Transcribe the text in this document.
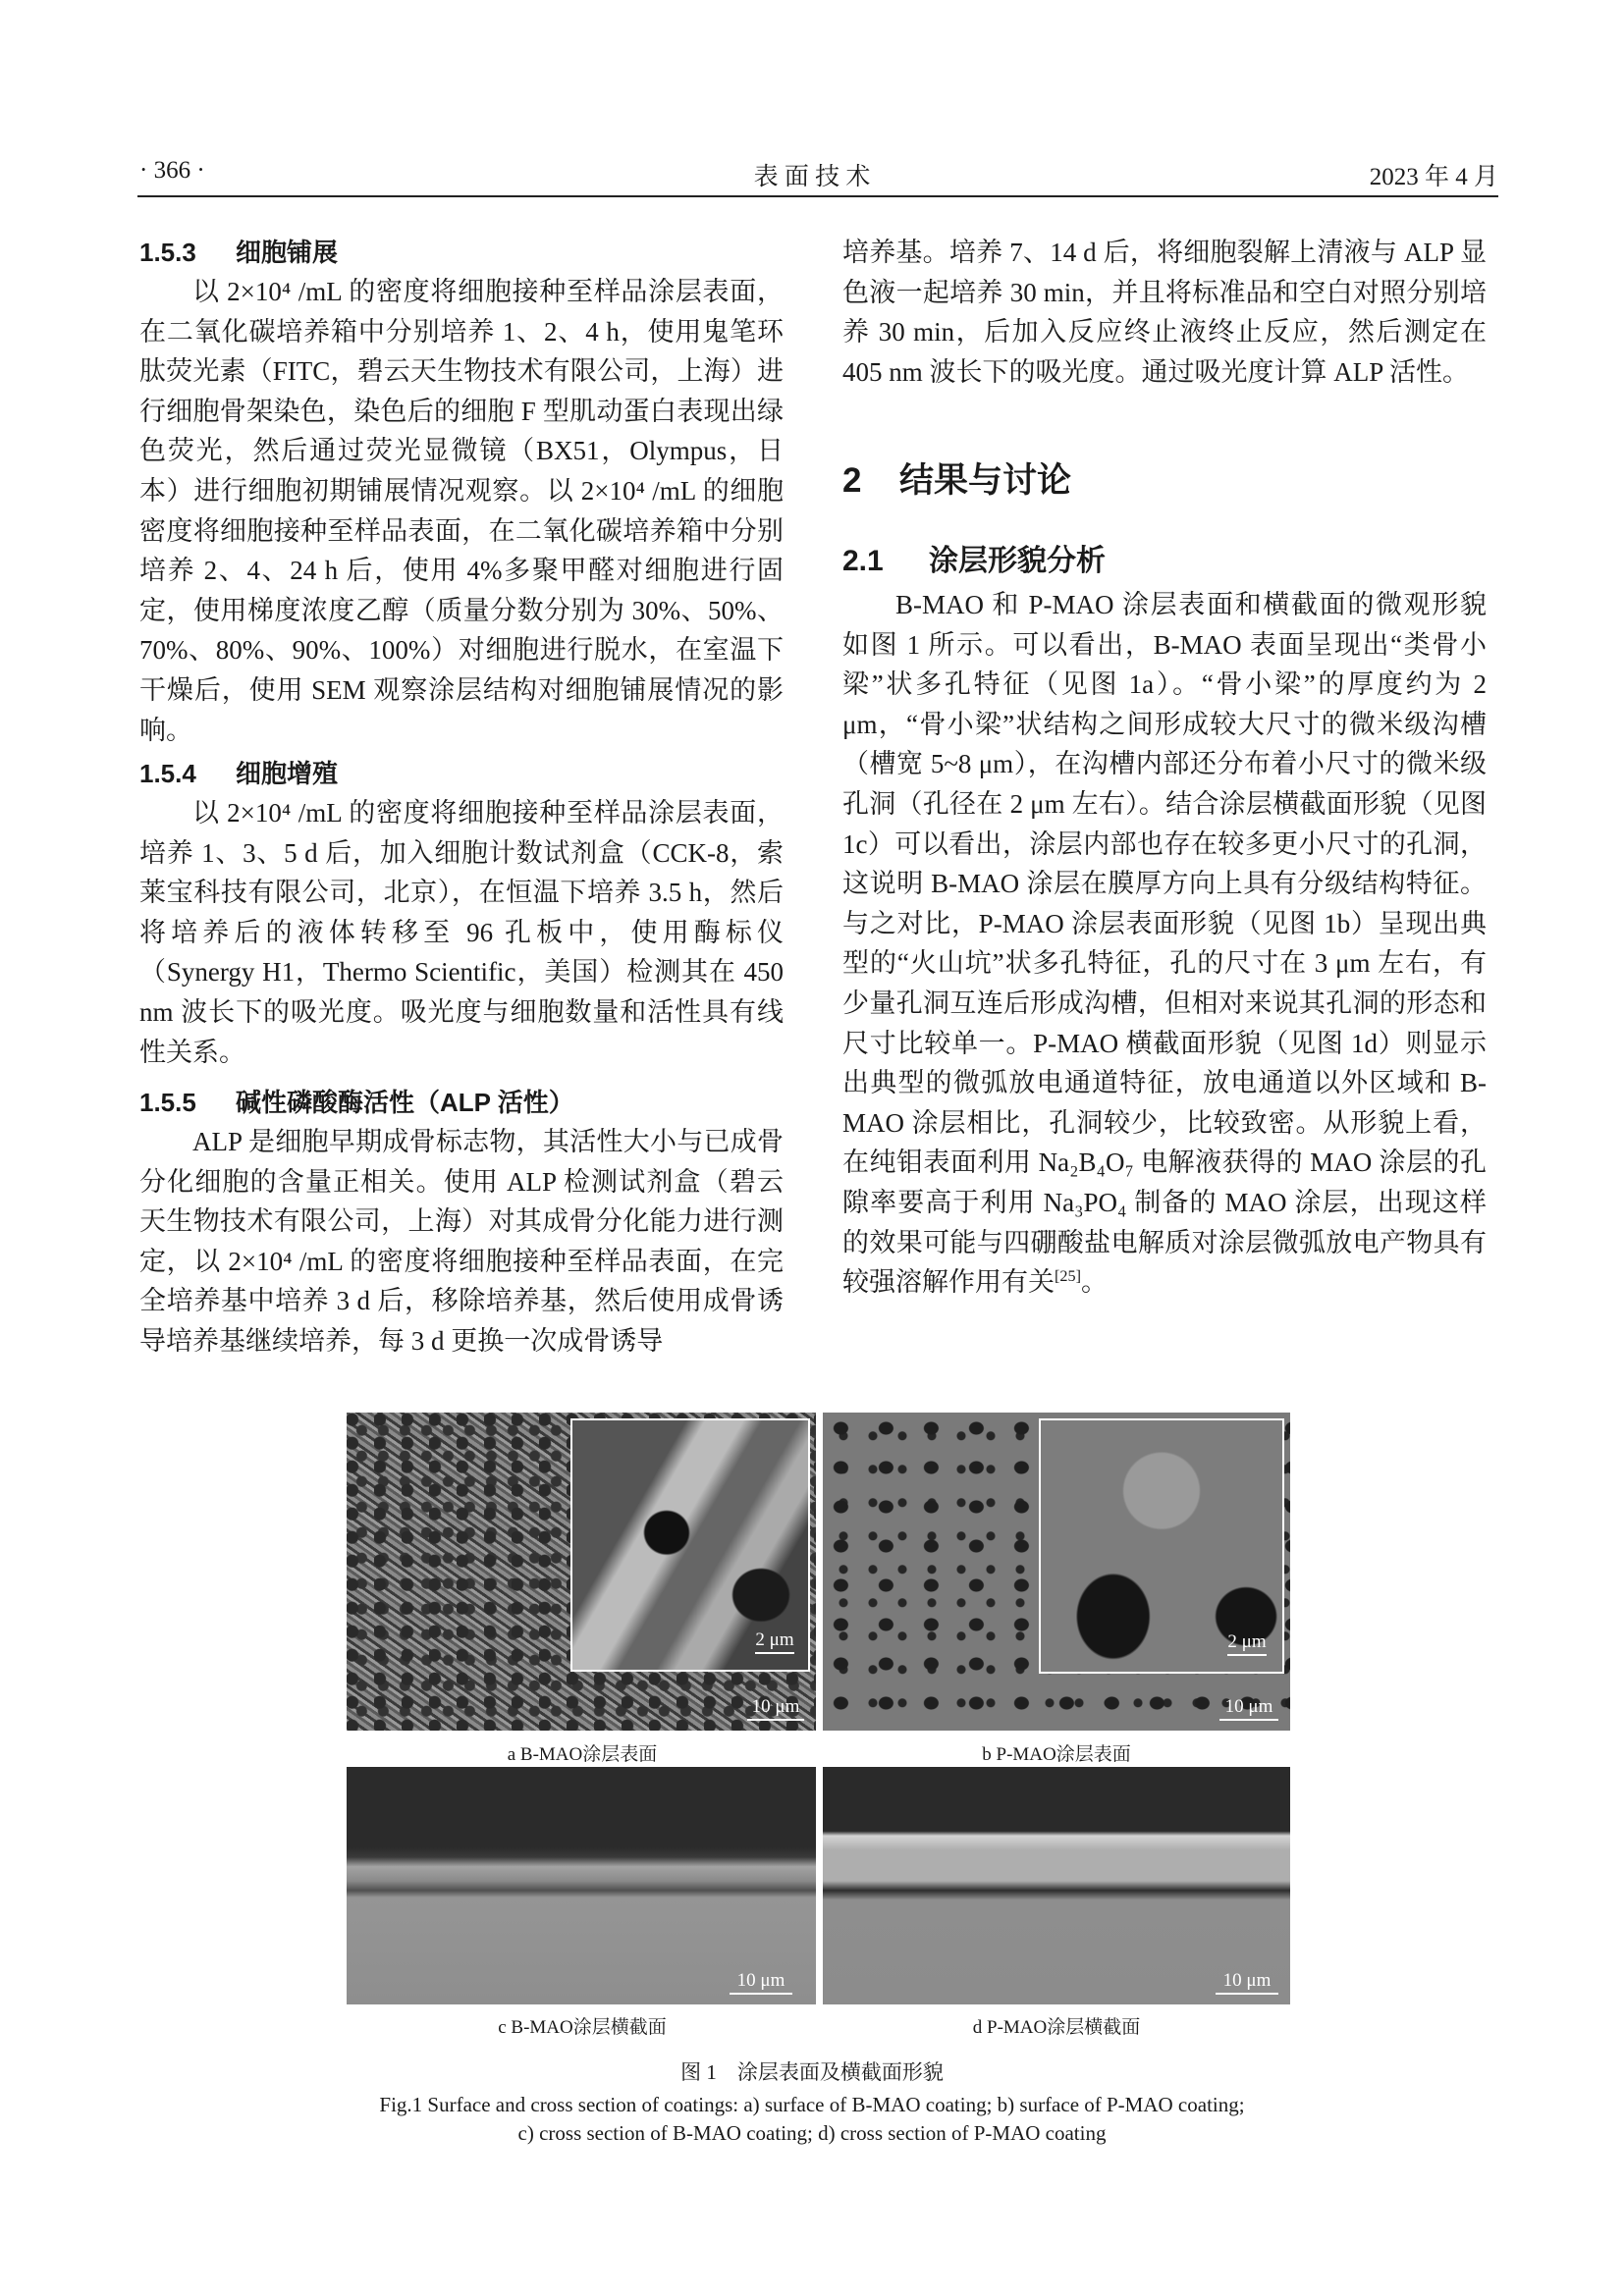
· 366 ·	表 面 技 术	2023 年 4 月
1.5.3 细胞铺展

以 2×10⁴ /mL 的密度将细胞接种至样品涂层表面，在二氧化碳培养箱中分别培养 1、2、4 h，使用鬼笔环肽荧光素（FITC，碧云天生物技术有限公司，上海）进行细胞骨架染色，染色后的细胞 F 型肌动蛋白表现出绿色荧光，然后通过荧光显微镜（BX51，Olympus，日本）进行细胞初期铺展情况观察。以 2×10⁴ /mL 的细胞密度将细胞接种至样品表面，在二氧化碳培养箱中分别培养 2、4、24 h 后，使用 4%多聚甲醛对细胞进行固定，使用梯度浓度乙醇（质量分数分别为 30%、50%、70%、80%、90%、100%）对细胞进行脱水，在室温下干燥后，使用 SEM 观察涂层结构对细胞铺展情况的影响。

1.5.4 细胞增殖

以 2×10⁴ /mL 的密度将细胞接种至样品涂层表面，培养 1、3、5 d 后，加入细胞计数试剂盒（CCK-8，索莱宝科技有限公司，北京），在恒温下培养 3.5 h，然后将培养后的液体转移至 96 孔板中，使用酶标仪（Synergy H1，Thermo Scientific，美国）检测其在 450 nm 波长下的吸光度。吸光度与细胞数量和活性具有线性关系。

1.5.5 碱性磷酸酶活性（ALP 活性）

ALP 是细胞早期成骨标志物，其活性大小与已成骨分化细胞的含量正相关。使用 ALP 检测试剂盒（碧云天生物技术有限公司，上海）对其成骨分化能力进行测定，以 2×10⁴ /mL 的密度将细胞接种至样品表面，在完全培养基中培养 3 d 后，移除培养基，然后使用成骨诱导培养基继续培养，每 3 d 更换一次成骨诱导

培养基。培养 7、14 d 后，将细胞裂解上清液与 ALP 显色液一起培养 30 min，并且将标准品和空白对照分别培养 30 min，后加入反应终止液终止反应，然后测定在 405 nm 波长下的吸光度。通过吸光度计算 ALP 活性。

2 结果与讨论
2.1 涂层形貌分析

B-MAO 和 P-MAO 涂层表面和横截面的微观形貌如图 1 所示。可以看出，B-MAO 表面呈现出“类骨小梁”状多孔特征（见图 1a）。“骨小梁”的厚度约为 2 μm，“骨小梁”状结构之间形成较大尺寸的微米级沟槽（槽宽 5~8 μm），在沟槽内部还分布着小尺寸的微米级孔洞（孔径在 2 μm 左右）。结合涂层横截面形貌（见图 1c）可以看出，涂层内部也存在较多更小尺寸的孔洞，这说明 B-MAO 涂层在膜厚方向上具有分级结构特征。与之对比，P-MAO 涂层表面形貌（见图 1b）呈现出典型的“火山坑”状多孔特征，孔的尺寸在 3 μm 左右，有少量孔洞互连后形成沟槽，但相对来说其孔洞的形态和尺寸比较单一。P-MAO 横截面形貌（见图 1d）则显示出典型的微弧放电通道特征，放电通道以外区域和 B-MAO 涂层相比，孔洞较少，比较致密。从形貌上看，在纯钼表面利用 Na₂B₄O₇ 电解液获得的 MAO 涂层的孔隙率要高于利用 Na₃PO₄ 制备的 MAO 涂层，出现这样的效果可能与四硼酸盐电解质对涂层微弧放电产物具有较强溶解作用有关[25]。

2 μm
10 μm
2 μm
10 μm
a B-MAO涂层表面	b P-MAO涂层表面
10 μm	10 μm
c B-MAO涂层横截面	d P-MAO涂层横截面
图 1　涂层表面及横截面形貌
Fig.1 Surface and cross section of coatings: a) surface of B-MAO coating; b) surface of P-MAO coating;
c) cross section of B-MAO coating; d) cross section of P-MAO coating
